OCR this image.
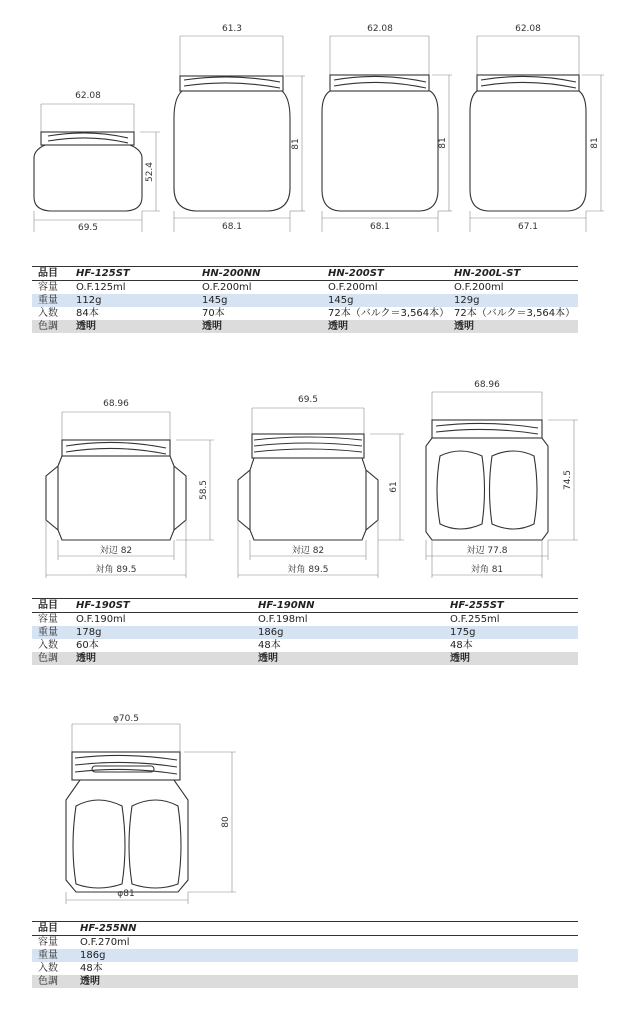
62.08
69.5
52.4
61.3
68.1
81
62.08
68.1
81
62.08
67.1
81
品目	HF-125ST	HN-200NN	HN-200ST	HN-200L-ST
容量	O.F.125ml	O.F.200ml	O.F.200ml	O.F.200ml
重量	112g	145g	145g	129g
入数	84本	70本	72本（バルク＝3,564本）	72本（バルク＝3,564本）
色調	透明	透明	透明	透明
68.96
対辺 82
対角 89.5
58.5
69.5
対辺 82
対角 89.5
61
68.96
対辺 77.8
対角 81
74.5
品目	HF-190ST	HF-190NN	HF-255ST
容量	O.F.190ml	O.F.198ml	O.F.255ml
重量	178g	186g	175g
入数	60本	48本	48本
色調	透明	透明	透明
φ70.5
φ81
80
品目	HF-255NN
容量	O.F.270ml
重量	186g
入数	48本
色調	透明
